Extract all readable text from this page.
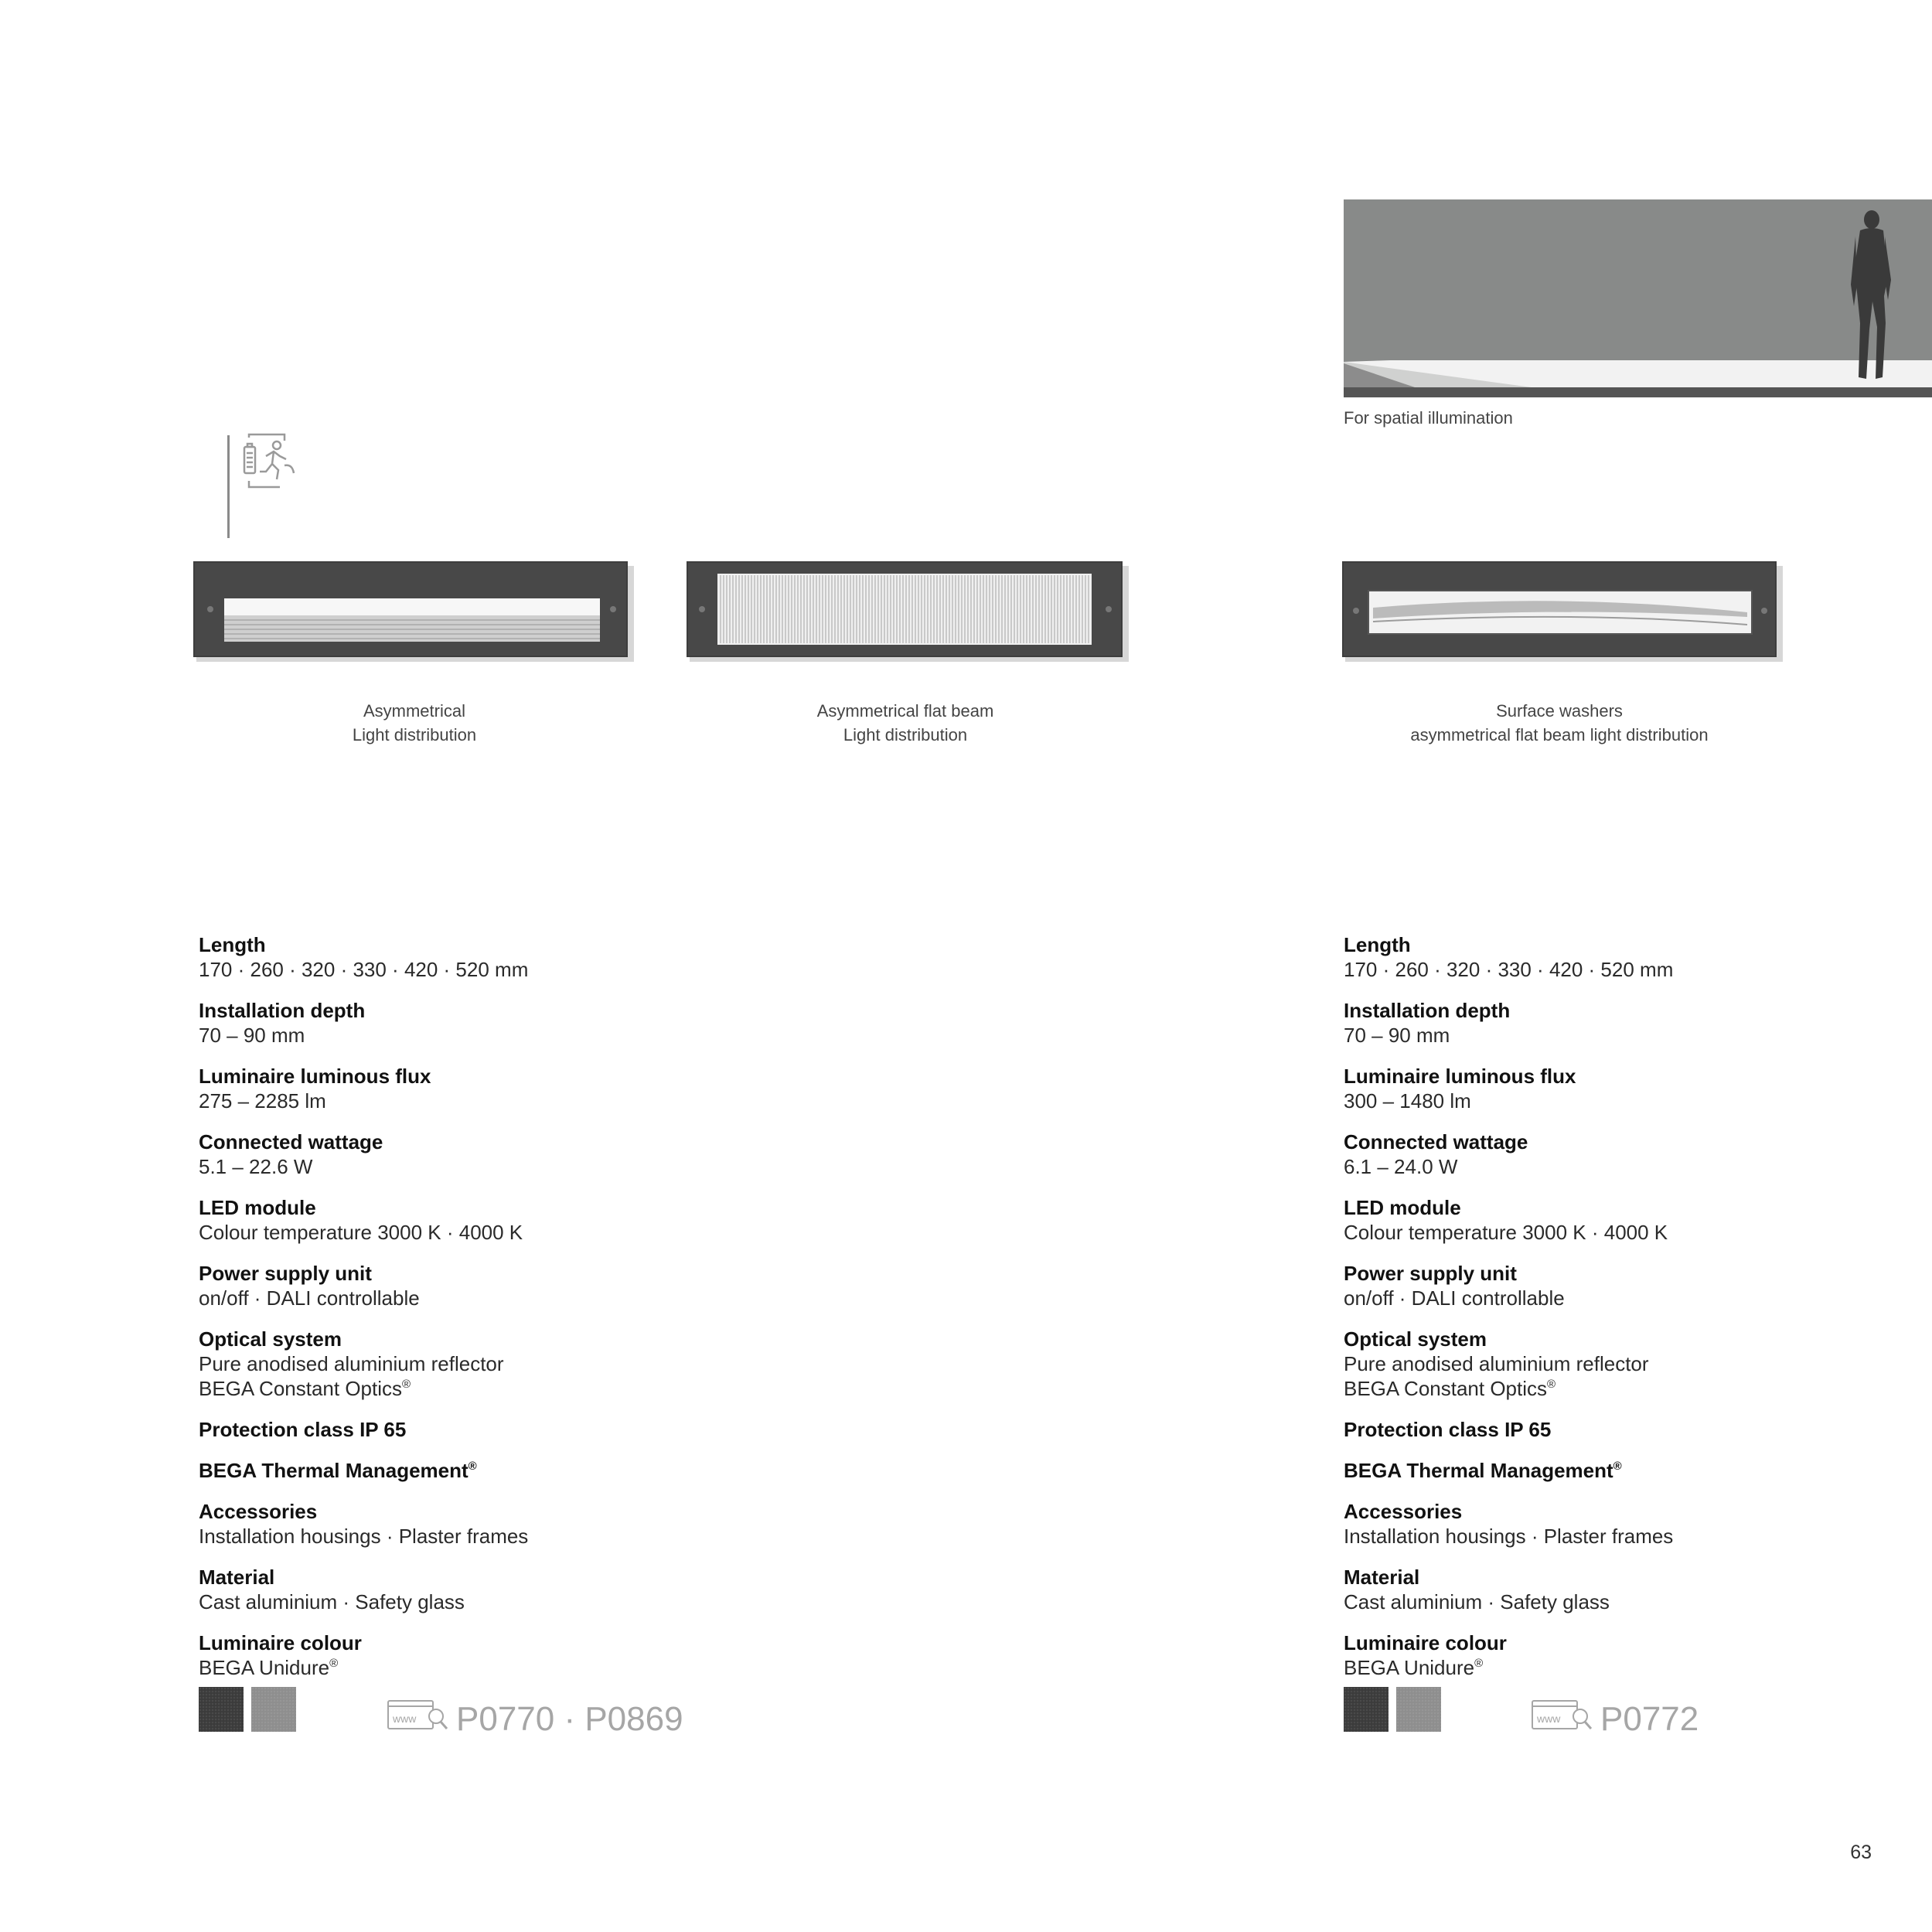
For spatial illumination
Asymmetrical
Light distribution
Asymmetrical flat beam
Light distribution
Surface washers
asymmetrical flat beam light distribution
Length
170 · 260 · 320 · 330 · 420 · 520 mm
Installation depth
70 – 90 mm
Luminaire luminous flux
275 – 2285 lm
Connected wattage
5.1 – 22.6 W
LED module
Colour temperature 3000 K · 4000 K
Power supply unit
on/off · DALI controllable
Optical system
Pure anodised aluminium reflector
BEGA Constant Optics®
Protection class IP 65
BEGA Thermal Management®
Accessories
Installation housings · Plaster frames
Material
Cast aluminium · Safety glass
Luminaire colour
BEGA Unidure®
www P0770 · P0869
Length
170 · 260 · 320 · 330 · 420 · 520 mm
Installation depth
70 – 90 mm
Luminaire luminous flux
300 – 1480 lm
Connected wattage
6.1 – 24.0 W
LED module
Colour temperature 3000 K · 4000 K
Power supply unit
on/off · DALI controllable
Optical system
Pure anodised aluminium reflector
BEGA Constant Optics®
Protection class IP 65
BEGA Thermal Management®
Accessories
Installation housings · Plaster frames
Material
Cast aluminium · Safety glass
Luminaire colour
BEGA Unidure®
www P0772
63
